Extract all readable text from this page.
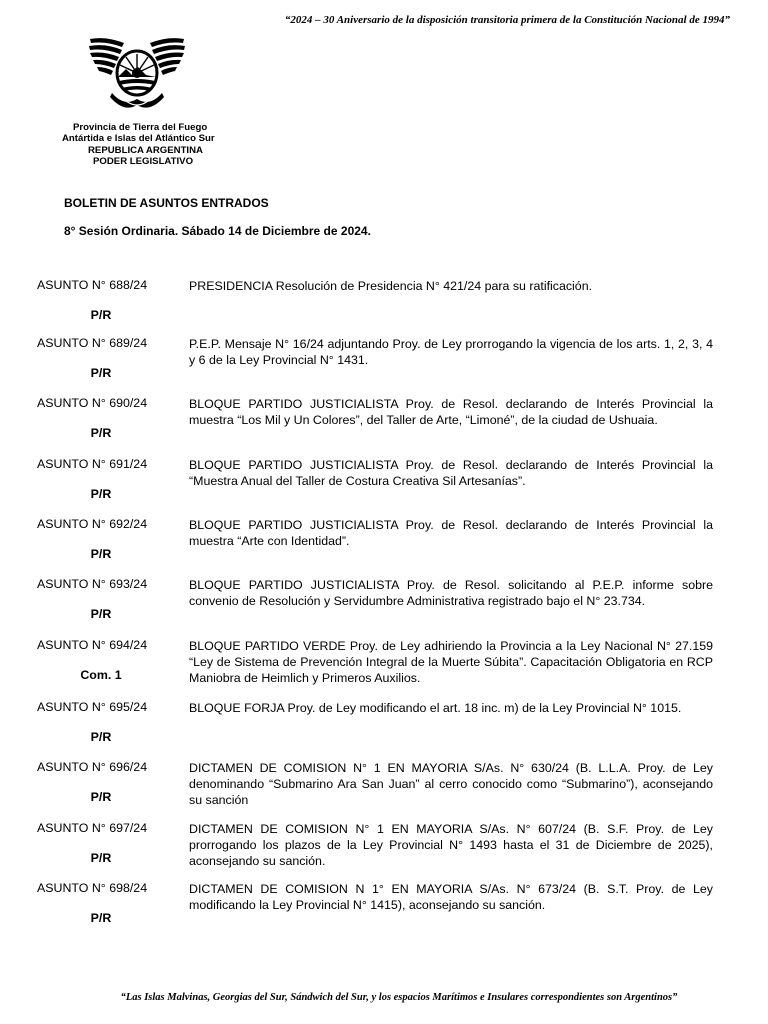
“2024 – 30 Aniversario de la disposición transitoria primera de la Constitución Nacional de 1994”
Provincia de Tierra del Fuego
Antártida e Islas del Atlántico Sur
REPUBLICA ARGENTINA
PODER LEGISLATIVO
BOLETIN DE ASUNTOS ENTRADOS
8° Sesión Ordinaria. Sábado 14 de Diciembre de 2024.
ASUNTO N° 688/24
P/R
PRESIDENCIA Resolución de Presidencia N° 421/24 para su ratificación.
ASUNTO N° 689/24
P/R
P.E.P. Mensaje N° 16/24 adjuntando Proy. de Ley prorrogando la vigencia de los arts. 1, 2, 3, 4 y 6 de la Ley Provincial N° 1431.
ASUNTO N° 690/24
P/R
BLOQUE PARTIDO JUSTICIALISTA Proy. de Resol. declarando de Interés Provincial la muestra “Los Mil y Un Colores”, del Taller de Arte, “Limoné”, de la ciudad de Ushuaia.
ASUNTO N° 691/24
P/R
BLOQUE PARTIDO JUSTICIALISTA Proy. de Resol. declarando de Interés Provincial la “Muestra Anual del Taller de Costura Creativa Sil Artesanías”.
ASUNTO N° 692/24
P/R
BLOQUE PARTIDO JUSTICIALISTA Proy. de Resol. declarando de Interés Provincial la muestra “Arte con Identidad”.
ASUNTO N° 693/24
P/R
BLOQUE PARTIDO JUSTICIALISTA Proy. de Resol. solicitando al P.E.P. informe sobre convenio de Resolución y Servidumbre Administrativa registrado bajo el N° 23.734.
ASUNTO N° 694/24
Com. 1
BLOQUE PARTIDO VERDE Proy. de Ley adhiriendo la Provincia a la Ley Nacional N° 27.159 “Ley de Sistema de Prevención Integral de la Muerte Súbita”. Capacitación Obligatoria en RCP Maniobra de Heimlich y Primeros Auxilios.
ASUNTO N° 695/24
P/R
BLOQUE FORJA Proy. de Ley modificando el art. 18 inc. m) de la Ley Provincial N° 1015.
ASUNTO N° 696/24
P/R
DICTAMEN DE COMISION N° 1 EN MAYORIA S/As. N° 630/24 (B. L.L.A. Proy. de Ley denominando “Submarino Ara San Juan” al cerro conocido como “Submarino”), aconsejando su sanción
ASUNTO N° 697/24
P/R
DICTAMEN DE COMISION N° 1 EN MAYORIA S/As. N° 607/24 (B. S.F. Proy. de Ley prorrogando los plazos de la Ley Provincial N° 1493 hasta el 31 de Diciembre de 2025), aconsejando su sanción.
ASUNTO N° 698/24
P/R
DICTAMEN DE COMISION N 1° EN MAYORIA S/As. N° 673/24 (B. S.T. Proy. de Ley modificando la Ley Provincial N° 1415), aconsejando su sanción.
“Las Islas Malvinas, Georgias del Sur, Sándwich del Sur, y los espacios Marítimos e Insulares correspondientes son Argentinos”
